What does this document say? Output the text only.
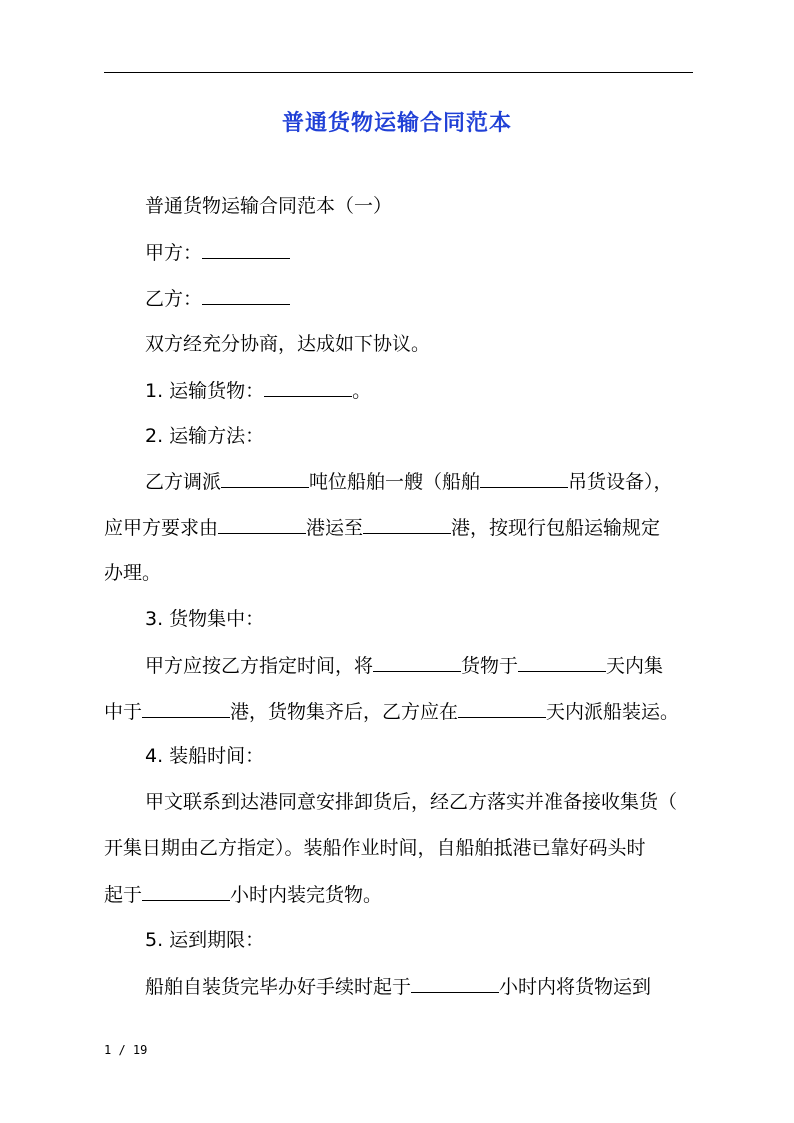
普通货物运输合同范本
普通货物运输合同范本（一）
甲方：
乙方：
双方经充分协商，达成如下协议。
1. 运输货物：	。
2. 运输方法：
乙方调派	吨位船舶一艘（船舶	吊货设备），
应甲方要求由	港运至	港，按现行包船运输规定
办理。
3. 货物集中：
甲方应按乙方指定时间，将	货物于	天内集
中于	港，货物集齐后，乙方应在	天内派船装运。
4. 装船时间：
甲文联系到达港同意安排卸货后，经乙方落实并准备接收集货（
开集日期由乙方指定）。装船作业时间，自船舶抵港已靠好码头时
起于	小时内装完货物。
5. 运到期限：
船舶自装货完毕办好手续时起于	小时内将货物运到
1 / 19
